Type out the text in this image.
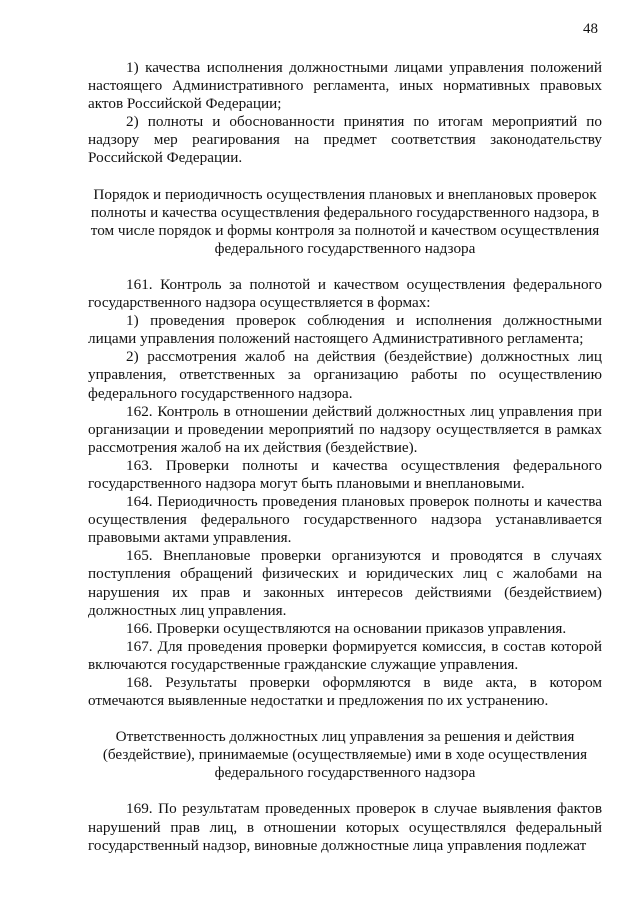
48

1) качества исполнения должностными лицами управления положений настоящего Административного регламента, иных нормативных правовых актов Российской Федерации;

2) полноты и обоснованности принятия по итогам мероприятий по надзору мер реагирования на предмет соответствия законодательству Российской Федерации.

Порядок и периодичность осуществления плановых и внеплановых проверок полноты и качества осуществления федерального государственного надзора, в том числе порядок и формы контроля за полнотой и качеством осуществления федерального государственного надзора

161. Контроль за полнотой и качеством осуществления федерального государственного надзора осуществляется в формах:

1) проведения проверок соблюдения и исполнения должностными лицами управления положений настоящего Административного регламента;

2) рассмотрения жалоб на действия (бездействие) должностных лиц управления, ответственных за организацию работы по осуществлению федерального государственного надзора.

162. Контроль в отношении действий должностных лиц управления при организации и проведении мероприятий по надзору осуществляется в рамках рассмотрения жалоб на их действия (бездействие).

163. Проверки полноты и качества осуществления федерального государственного надзора могут быть плановыми и внеплановыми.

164. Периодичность проведения плановых проверок полноты и качества осуществления федерального государственного надзора устанавливается правовыми актами управления.

165. Внеплановые проверки организуются и проводятся в случаях поступления обращений физических и юридических лиц с жалобами на нарушения их прав и законных интересов действиями (бездействием) должностных лиц управления.

166. Проверки осуществляются на основании приказов управления.

167. Для проведения проверки формируется комиссия, в состав которой включаются государственные гражданские служащие управления.

168. Результаты проверки оформляются в виде акта, в котором отмечаются выявленные недостатки и предложения по их устранению.

Ответственность должностных лиц управления за решения и действия (бездействие), принимаемые (осуществляемые) ими в ходе осуществления федерального государственного надзора

169. По результатам проведенных проверок в случае выявления фактов нарушений прав лиц, в отношении которых осуществлялся федеральный государственный надзор, виновные должностные лица управления подлежат
